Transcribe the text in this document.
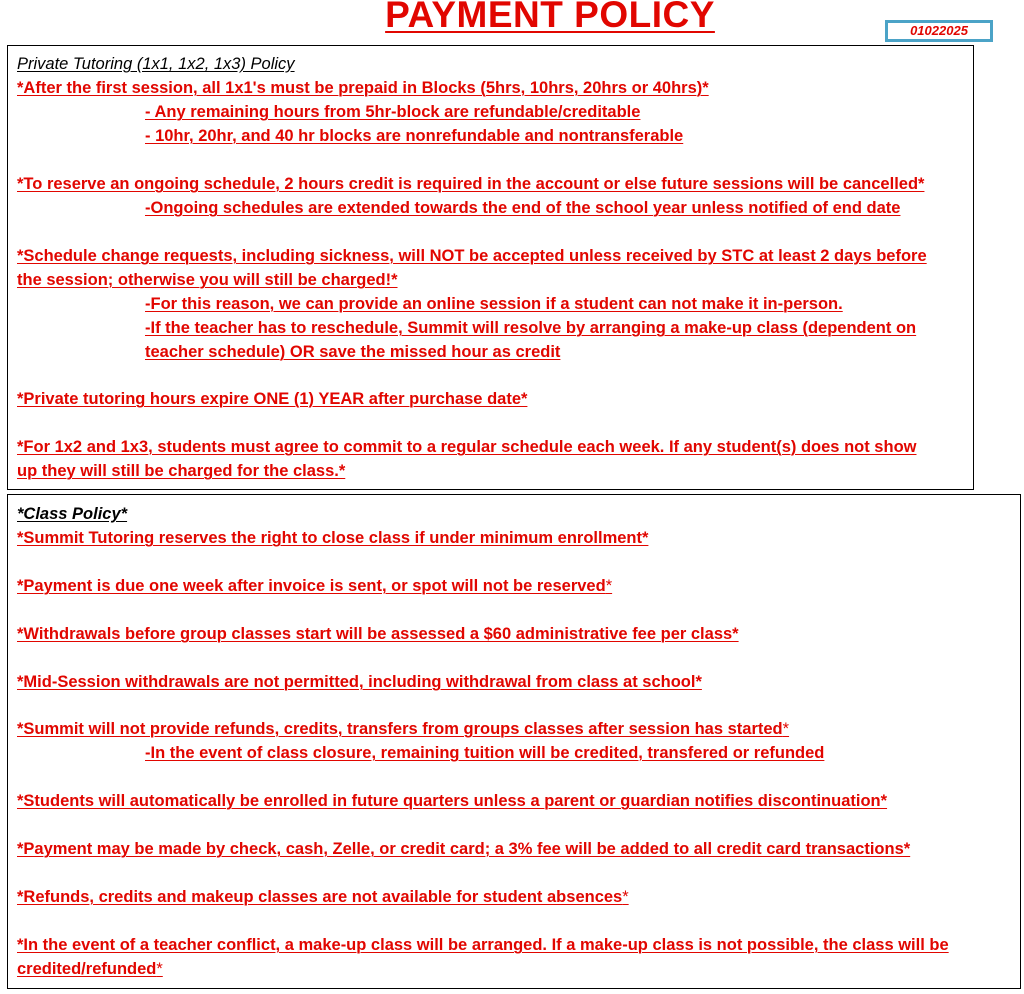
PAYMENT POLICY	01022025
Private Tutoring (1x1, 1x2, 1x3) Policy
*After the first session, all 1x1's must be prepaid in Blocks (5hrs, 10hrs, 20hrs or 40hrs)*
- Any remaining hours from 5hr-block are refundable/creditable
- 10hr, 20hr, and 40 hr blocks are nonrefundable and nontransferable
*To reserve an ongoing schedule, 2 hours credit is required in the account or else future sessions will be cancelled*
-Ongoing schedules are extended towards the end of the school year unless notified of end date
*Schedule change requests, including sickness, will NOT be accepted unless received by STC at least 2 days before
the session; otherwise you will still be charged!*
-For this reason, we can provide an online session if a student can not make it in-person.
-If the teacher has to reschedule, Summit will resolve by arranging a make-up class (dependent on
teacher schedule) OR save the missed hour as credit
*Private tutoring hours expire ONE (1) YEAR after purchase date*
*For 1x2 and 1x3, students must agree to commit to a regular schedule each week. If any student(s) does not show
up they will still be charged for the class.*
*Class Policy*
*Summit Tutoring reserves the right to close class if under minimum enrollment*
*Payment is due one week after invoice is sent, or spot will not be reserved*
*Withdrawals before group classes start will be assessed a $60 administrative fee per class*
*Mid-Session withdrawals are not permitted, including withdrawal from class at school*
*Summit will not provide refunds, credits, transfers from groups classes after session has started*
-In the event of class closure, remaining tuition will be credited, transfered or refunded
*Students will automatically be enrolled in future quarters unless a parent or guardian notifies discontinuation*
*Payment may be made by check, cash, Zelle, or credit card; a 3% fee will be added to all credit card transactions*
*Refunds, credits and makeup classes are not available for student absences*
*In the event of a teacher conflict, a make-up class will be arranged. If a make-up class is not possible, the class will be
credited/refunded*
